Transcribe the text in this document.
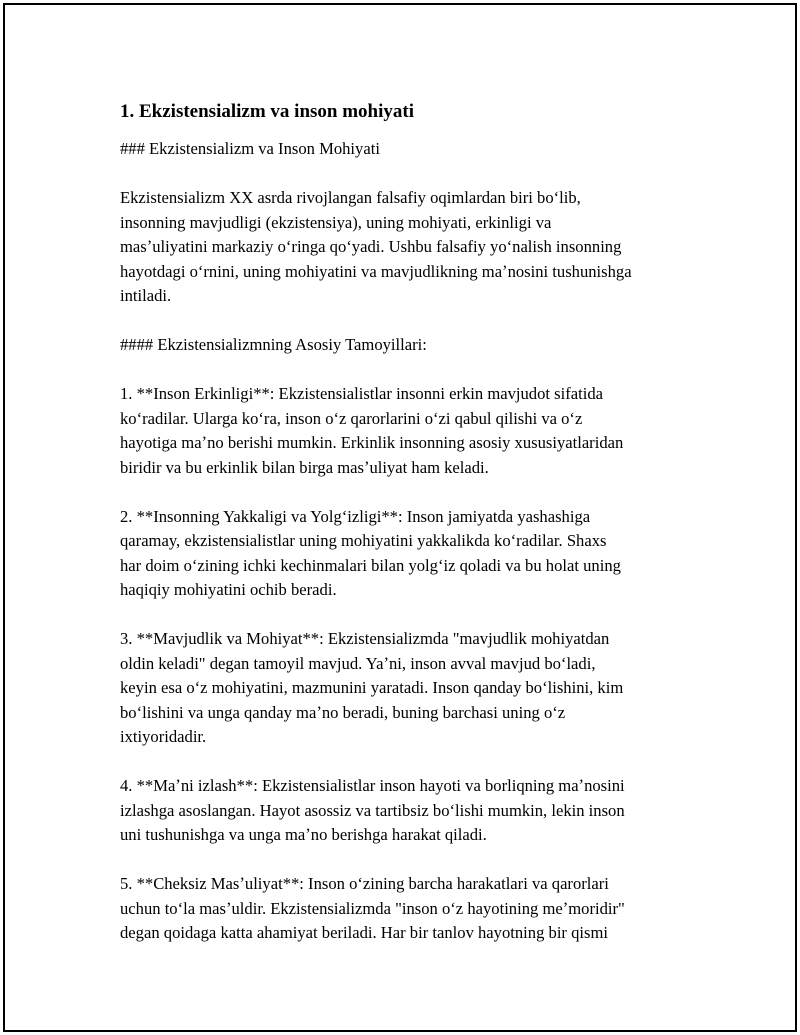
1. Ekzistensializm va inson mohiyati
### Ekzistensializm va Inson Mohiyati
Ekzistensializm XX asrda rivojlangan falsafiy oqimlardan biri boʻlib,
insonning mavjudligi (ekzistensiya), uning mohiyati, erkinligi va
masʼuliyatini markaziy oʻringa qoʻyadi. Ushbu falsafiy yoʻnalish insonning
hayotdagi oʻrnini, uning mohiyatini va mavjudlikning maʼnosini tushunishga
intiladi.
#### Ekzistensializmning Asosiy Tamoyillari:
1. **Inson Erkinligi**: Ekzistensialistlar insonni erkin mavjudot sifatida
koʻradilar. Ularga koʻra, inson oʻz qarorlarini oʻzi qabul qilishi va oʻz
hayotiga maʼno berishi mumkin. Erkinlik insonning asosiy xususiyatlaridan
biridir va bu erkinlik bilan birga masʼuliyat ham keladi.
2. **Insonning Yakkaligi va Yolgʻizligi**: Inson jamiyatda yashashiga
qaramay, ekzistensialistlar uning mohiyatini yakkalikda koʻradilar. Shaxs
har doim oʻzining ichki kechinmalari bilan yolgʻiz qoladi va bu holat uning
haqiqiy mohiyatini ochib beradi.
3. **Mavjudlik va Mohiyat**: Ekzistensializmda "mavjudlik mohiyatdan
oldin keladi" degan tamoyil mavjud. Yaʼni, inson avval mavjud boʻladi,
keyin esa oʻz mohiyatini, mazmunini yaratadi. Inson qanday boʻlishini, kim
boʻlishini va unga qanday maʼno beradi, buning barchasi uning oʻz
ixtiyoridadir.
4. **Maʼni izlash**: Ekzistensialistlar inson hayoti va borliqning maʼnosini
izlashga asoslangan. Hayot asossiz va tartibsiz boʻlishi mumkin, lekin inson
uni tushunishga va unga maʼno berishga harakat qiladi.
5. **Cheksiz Masʼuliyat**: Inson oʻzining barcha harakatlari va qarorlari
uchun toʻla masʼuldir. Ekzistensializmda "inson oʻz hayotining meʼmoridir"
degan qoidaga katta ahamiyat beriladi. Har bir tanlov hayotning bir qismi
